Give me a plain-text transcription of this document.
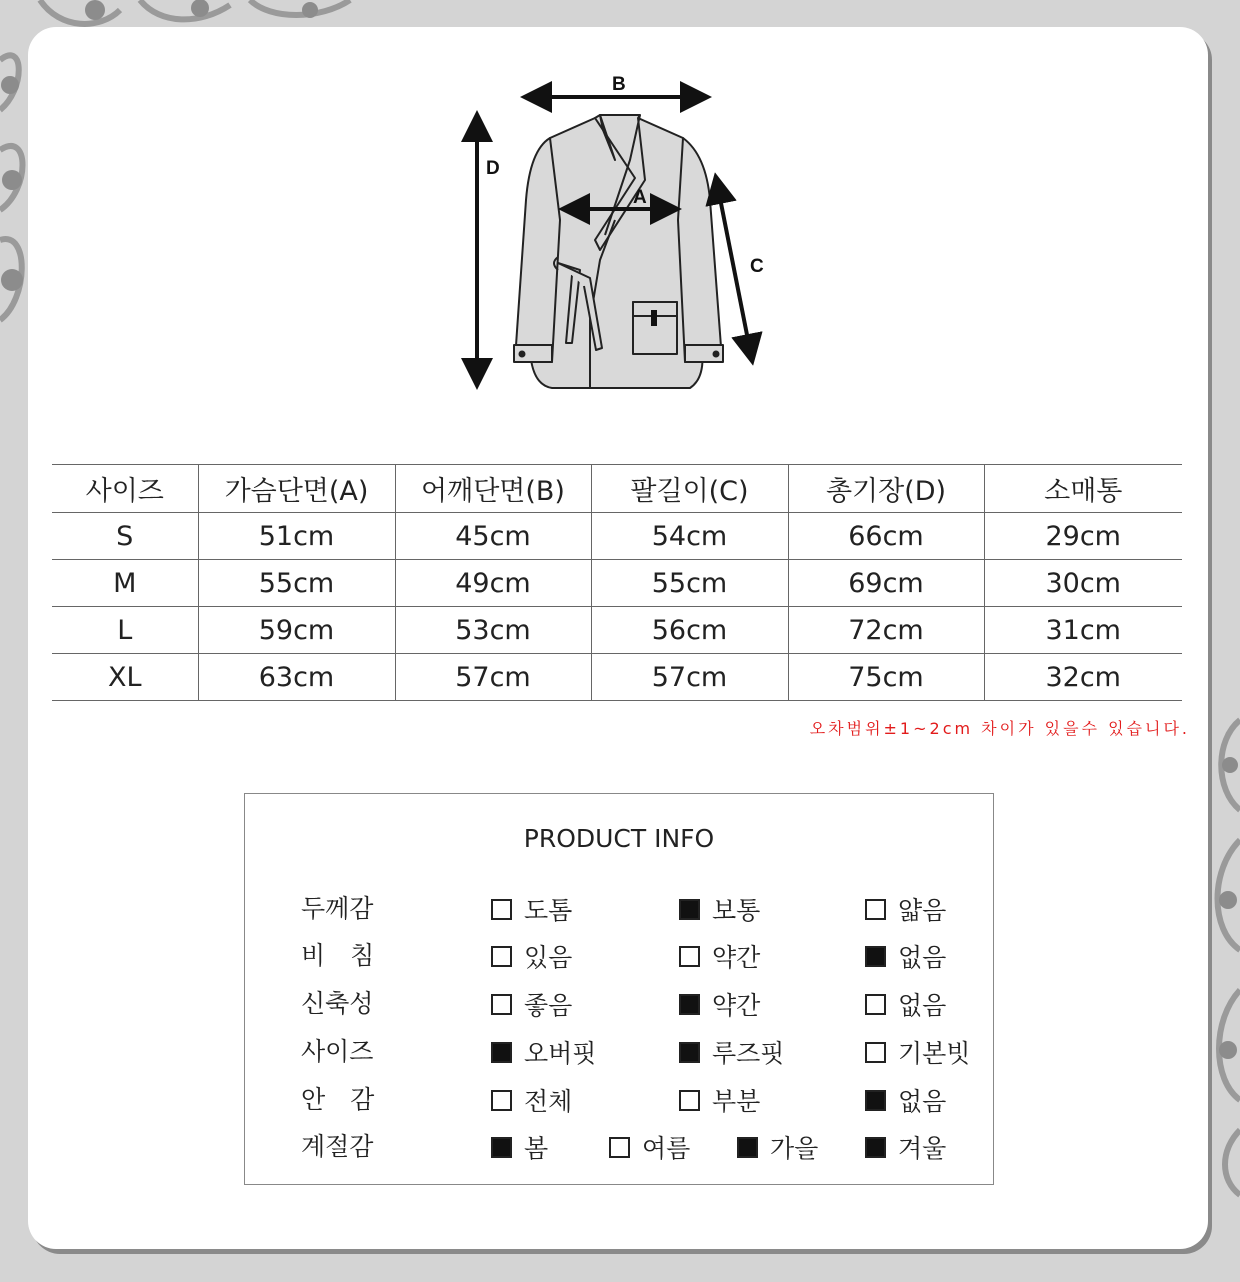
B
A
D
C
사이즈	가슴단면(A)	어깨단면(B)	팔길이(C)	총기장(D)	소매통
S	51cm	45cm	54cm	66cm	29cm
M	55cm	49cm	55cm	69cm	30cm
L	59cm	53cm	56cm	72cm	31cm
XL	63cm	57cm	57cm	75cm	32cm
오차범위±1~2cm 차이가 있을수 있습니다.
PRODUCT INFO
두께감	도톰	보통	얇음
비　침	있음	약간	없음
신축성	좋음	약간	없음
사이즈	오버핏	루즈핏	기본빗
안　감	전체	부분	없음
계절감	봄	여름	가을	겨울
